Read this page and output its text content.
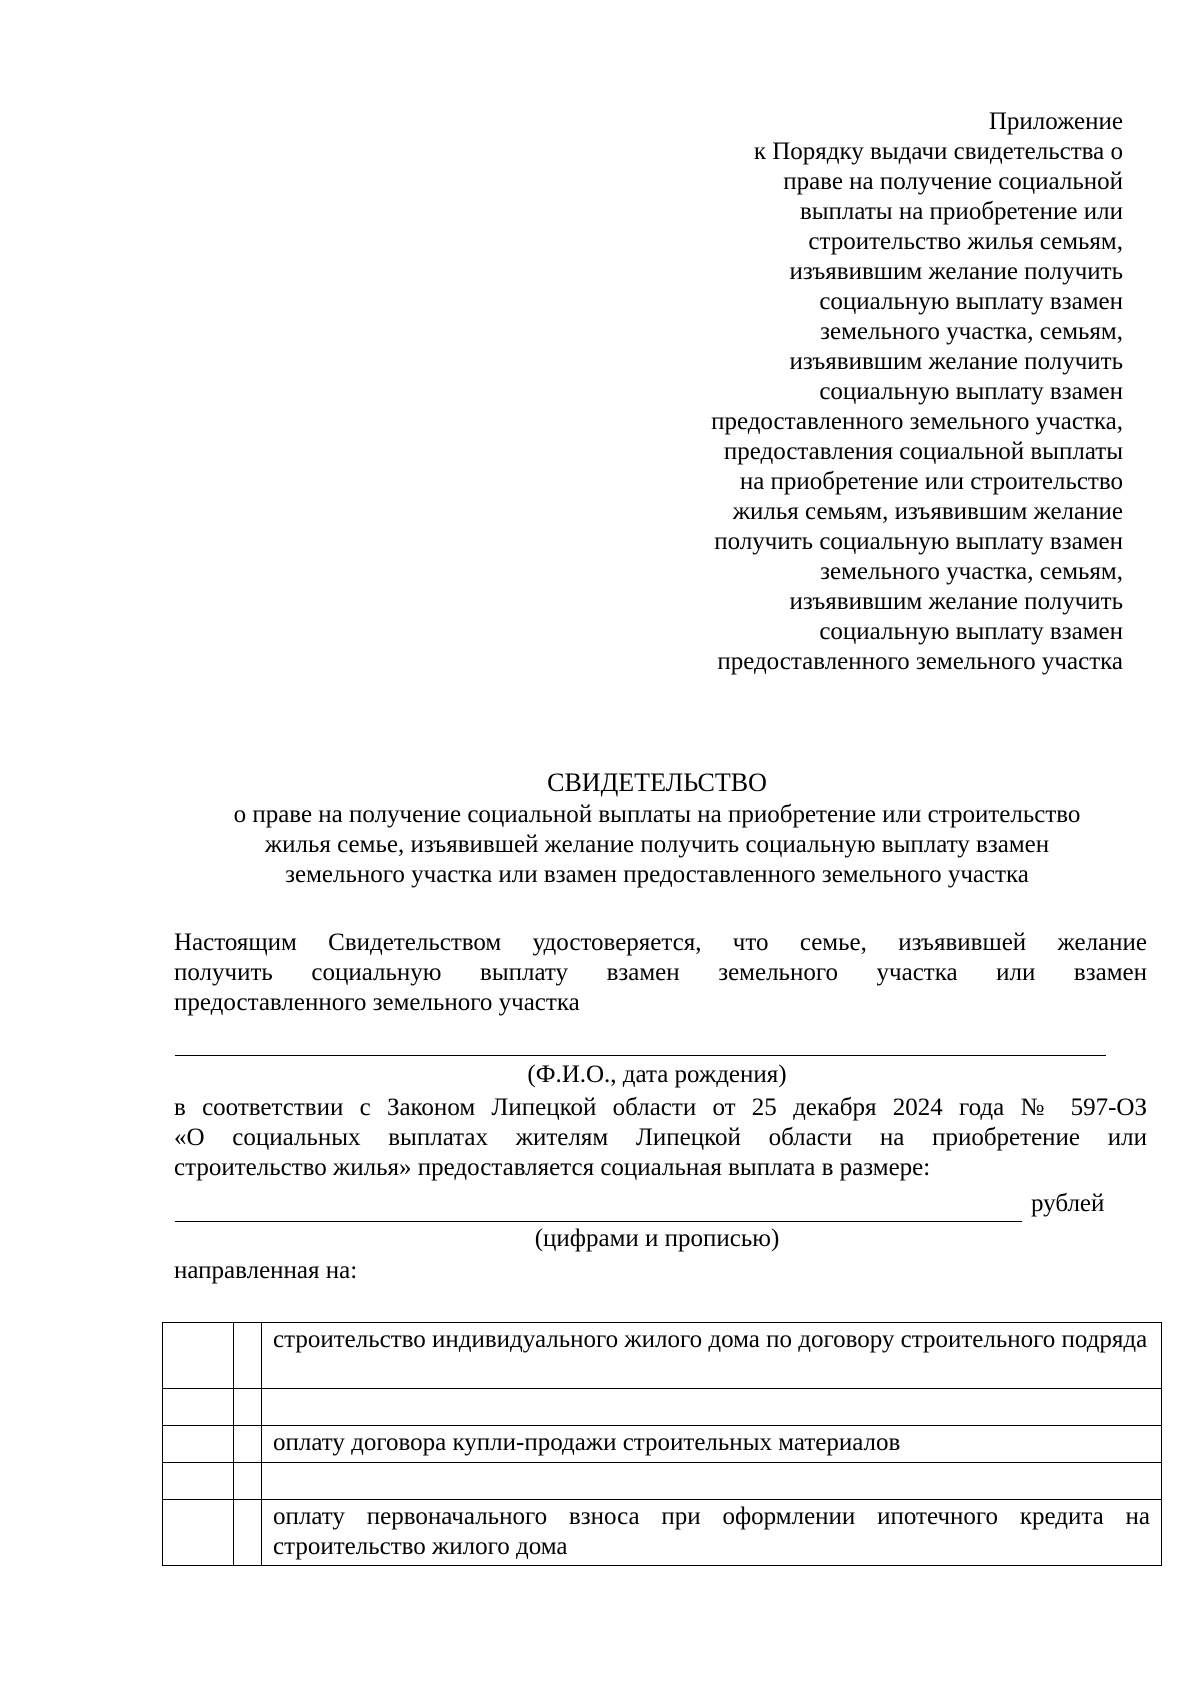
Приложение
к Порядку выдачи свидетельства о
праве на получение социальной
выплаты на приобретение или
строительство жилья семьям,
изъявившим желание получить
социальную выплату взамен
земельного участка, семьям,
изъявившим желание получить
социальную выплату взамен
предоставленного земельного участка,
предоставления социальной выплаты
на приобретение или строительство
жилья семьям, изъявившим желание
получить социальную выплату взамен
земельного участка, семьям,
изъявившим желание получить
социальную выплату взамен
предоставленного земельного участка
СВИДЕТЕЛЬСТВО
о праве на получение социальной выплаты на приобретение или строительство
жилья семье, изъявившей желание получить социальную выплату взамен
земельного участка или взамен предоставленного земельного участка
Настоящим Свидетельством удостоверяется, что семье, изъявившей желание
получить социальную выплату взамен земельного участка или взамен
предоставленного земельного участка
(Ф.И.О., дата рождения)
в соответствии с Законом Липецкой области от 25 декабря 2024 года № 597-ОЗ
«О социальных выплатах жителям Липецкой области на приобретение или
строительство жилья» предоставляется социальная выплата в размере:
рублей
(цифрами и прописью)
направленная на:

		строительство индивидуального жилого дома по договору строительного подряда

		оплату договора купли-продажи строительных материалов

		оплату первоначального взноса при оформлении ипотечного кредита на строительство жилого дома
